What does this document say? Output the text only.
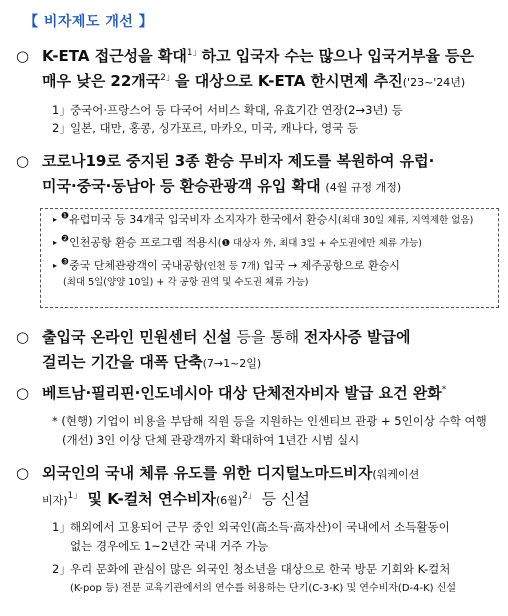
【 비자제도 개선 】
○ K-ETA 접근성을 확대$^{1」}$하고 입국자 수는 많으나 입국거부율 등은
매우 낮은 22개국$^{2」}$을 대상으로 K-ETA 한시면제 추진('23~'24년)
1」중국어·프랑스어 등 다국어 서비스 확대, 유효기간 연장(2→3년) 등
2」일본, 대만, 홍콩, 싱가포르, 마카오, 미국, 캐나다, 영국 등
○ 코로나19로 중지된 3종 환승 무비자 제도를 복원하여 유럽·
미국·중국·동남아 등 환승관광객 유입 확대 (4월 규정 개정)
▸ $^❶$유럽미국 등 34개국 입국비자 소지자가 한국에서 환승시(최대 30일 체류, 지역제한 없음)
▸ $^❷$인천공항 환승 프로그램 적용시(❶ 대상자 外, 최대 3일 + 수도권에만 체류 가능)
▸ $^❸$중국 단체관광객이 국내공항(인천 등 7개) 입국 → 제주공항으로 환승시
(최대 5일(양양 10일) + 각 공항 권역 및 수도권 체류 가능)
○ 출입국 온라인 민원센터 신설 등을 통해 전자사증 발급에
걸리는 기간을 대폭 단축(7→1~2일)
○ 베트남·필리핀·인도네시아 대상 단체전자비자 발급 요건 완화*
* (현행) 기업이 비용을 부담해 직원 등을 지원하는 인센티브 관광 + 5인이상 수학 여행
(개선) 3인 이상 단체 관광객까지 확대하여 1년간 시범 실시
○ 외국인의 국내 체류 유도를 위한 디지털노마드비자(워케이션
비자)$^{1」}$ 및 K-컬처 연수비자(6월)$^{2」}$ 등 신설
1」해외에서 고용되어 근무 중인 외국인(高소득·高자산)이 국내에서 소득활동이
없는 경우에도 1~2년간 국내 거주 가능
2」우리 문화에 관심이 많은 외국인 청소년을 대상으로 한국 방문 기회와 K-컬처
(K-pop 등) 전문 교육기관에서의 연수를 허용하는 단기(C-3-K) 및 연수비자(D-4-K) 신설
